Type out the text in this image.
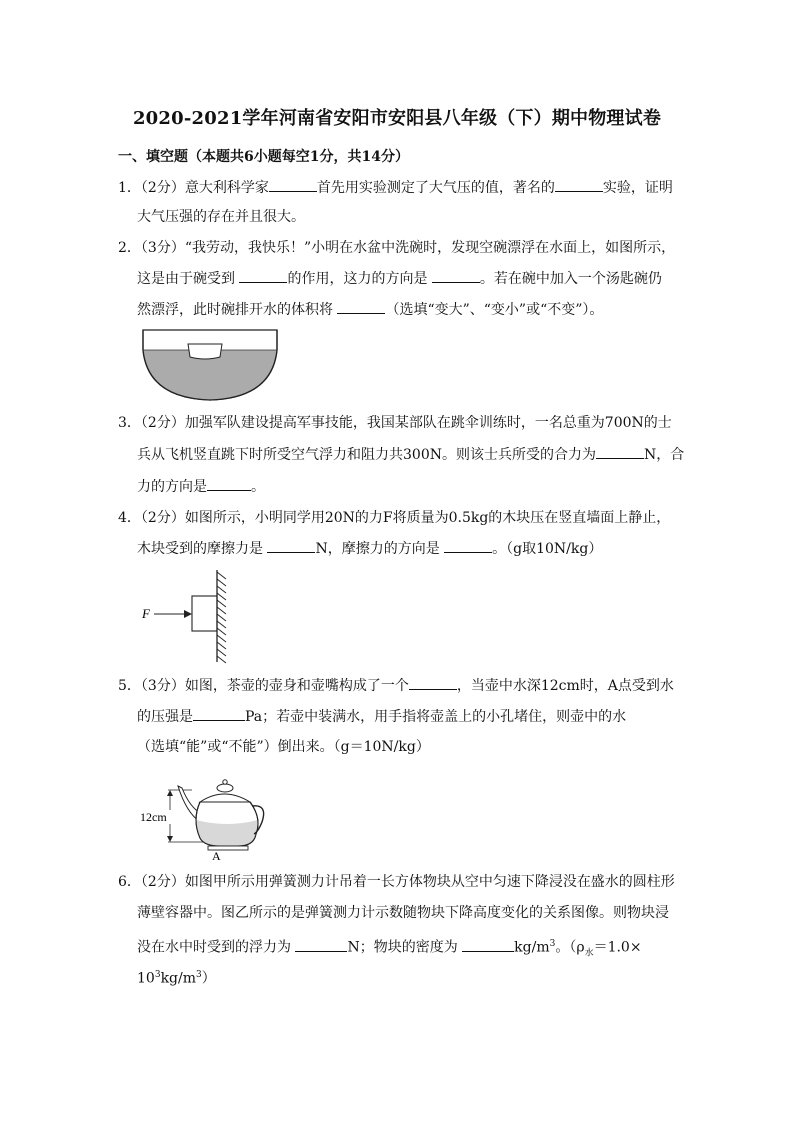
2020-2021学年河南省安阳市安阳县八年级（下）期中物理试卷
一、填空题（本题共6小题每空1分，共14分）
1．（2分）意大利科学家	首先用实验测定了大气压的值，著名的	实验，证明
大气压强的存在并且很大。
2．（3分）“我劳动，我快乐！”小明在水盆中洗碗时，发现空碗漂浮在水面上，如图所示，
这是由于碗受到	的作用，这力的方向是	。若在碗中加入一个汤匙碗仍
然漂浮，此时碗排开水的体积将	（选填“变大”、“变小”或“不变”）。
3．（2分）加强军队建设提高军事技能，我国某部队在跳伞训练时，一名总重为700N的士
兵从飞机竖直跳下时所受空气浮力和阻力共300N。则该士兵所受的合力为	N，合
力的方向是	。
4．（2分）如图所示，小明同学用20N的力F将质量为0.5kg的木块压在竖直墙面上静止，
木块受到的摩擦力是	N，摩擦力的方向是	。（g取10N/kg）
F
5．（3分）如图，茶壶的壶身和壶嘴构成了一个	，当壶中水深12cm时，A点受到水
的压强是	Pa；若壶中装满水，用手指将壶盖上的小孔堵住，则壶中的水
（选填“能”或“不能”）倒出来。（g＝10N/kg）
12cm
A
6．（2分）如图甲所示用弹簧测力计吊着一长方体物块从空中匀速下降浸没在盛水的圆柱形
薄壁容器中。图乙所示的是弹簧测力计示数随物块下降高度变化的关系图像。则物块浸
没在水中时受到的浮力为	N；物块的密度为	$kg/m^3$。（$\rho_水=1.0\times$
$10^3kg/m^3$）
